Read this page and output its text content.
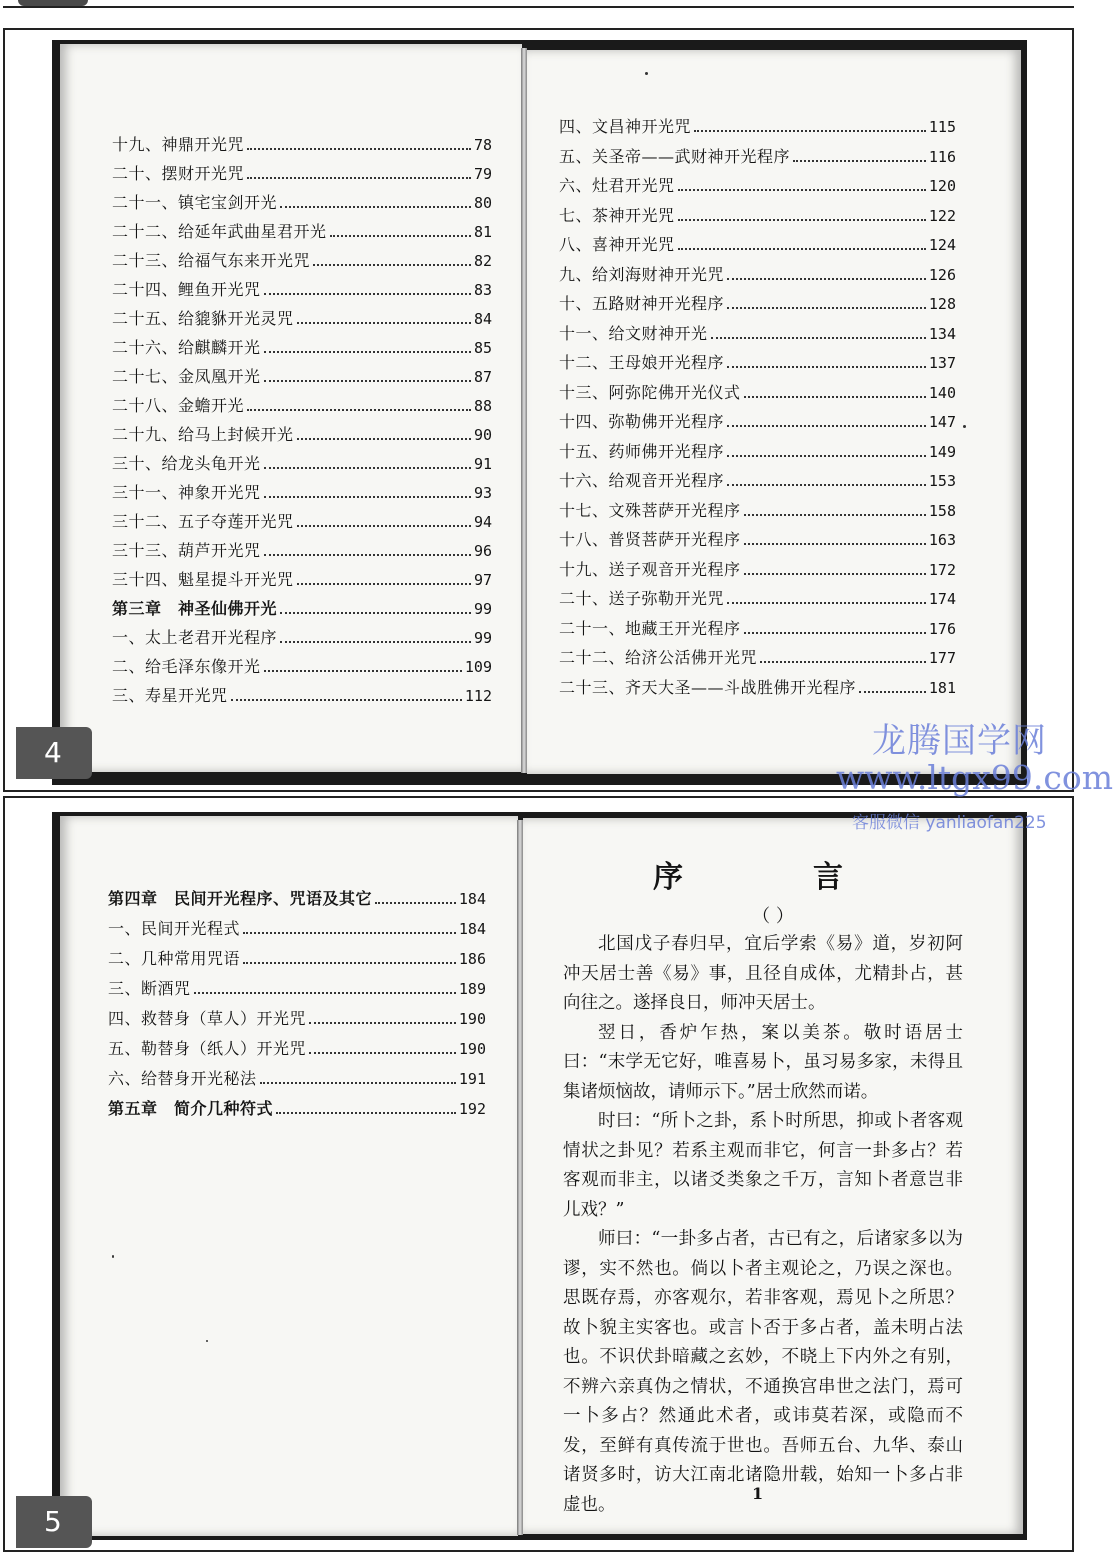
十九、神鼎开光咒	78
二十、摆财开光咒	79
二十一、镇宅宝剑开光	80
二十二、给延年武曲星君开光	81
二十三、给福气东来开光咒	82
二十四、鲤鱼开光咒	83
二十五、给貔貅开光灵咒	84
二十六、给麒麟开光	85
二十七、金凤凰开光	87
二十八、金蟾开光	88
二十九、给马上封候开光	90
三十、给龙头龟开光	91
三十一、神象开光咒	93
三十二、五子夺莲开光咒	94
三十三、葫芦开光咒	96
三十四、魁星提斗开光咒	97
第三章　神圣仙佛开光	99
一、太上老君开光程序	99
二、给毛泽东像开光	109
三、寿星开光咒	112
四、文昌神开光咒	115
五、关圣帝——武财神开光程序	116
六、灶君开光咒	120
七、茶神开光咒	122
八、喜神开光咒	124
九、给刘海财神开光咒	126
十、五路财神开光程序	128
十一、给文财神开光	134
十二、王母娘开光程序	137
十三、阿弥陀佛开光仪式	140
十四、弥勒佛开光程序	147
十五、药师佛开光程序	149
十六、给观音开光程序	153
十七、文殊菩萨开光程序	158
十八、普贤菩萨开光程序	163
十九、送子观音开光程序	172
二十、送子弥勒开光咒	174
二十一、地藏王开光程序	176
二十二、给济公活佛开光咒	177
二十三、齐天大圣——斗战胜佛开光程序	181
4
第四章　民间开光程序、咒语及其它	184
一、民间开光程式	184
二、几种常用咒语	186
三、断酒咒	189
四、救替身（草人）开光咒	190
五、勒替身（纸人）开光咒	190
六、给替身开光秘法	191
第五章　简介几种符式	192
序　言
（ ）

北国戊子春归早，宜后学索《易》道，岁初阿冲天居士善《易》事，且径自成体，尤精卦占，甚向往之。遂择良日，师冲天居士。

翌日，香炉乍热，案以美茶。敬时语居士曰：“末学无它好，唯喜易卜，虽习易多家，未得且集诸烦恼故，请师示下。”居士欣然而诺。

时曰：“所卜之卦，系卜时所思，抑或卜者客观情状之卦见？若系主观而非它，何言一卦多占？若客观而非主，以诸爻类象之千万，言知卜者意岂非儿戏？”

师曰：“一卦多占者，古已有之，后诸家多以为谬，实不然也。倘以卜者主观论之，乃误之深也。思既存焉，亦客观尔，若非客观，焉见卜之所思？故卜貌主实客也。或言卜否于多占者，盖未明占法也。不识伏卦暗藏之玄妙，不晓上下内外之有别，不辨六亲真伪之情状，不通换宫串世之法门，焉可一卜多占？然通此术者，或讳莫若深，或隐而不发，至鲜有真传流于世也。吾师五台、九华、泰山诸贤多时，访大江南北诸隐卅载，始知一卜多占非虚也。

1
5
龙腾国学网
www.ltgx99.com
客服微信 yanliaofan225
